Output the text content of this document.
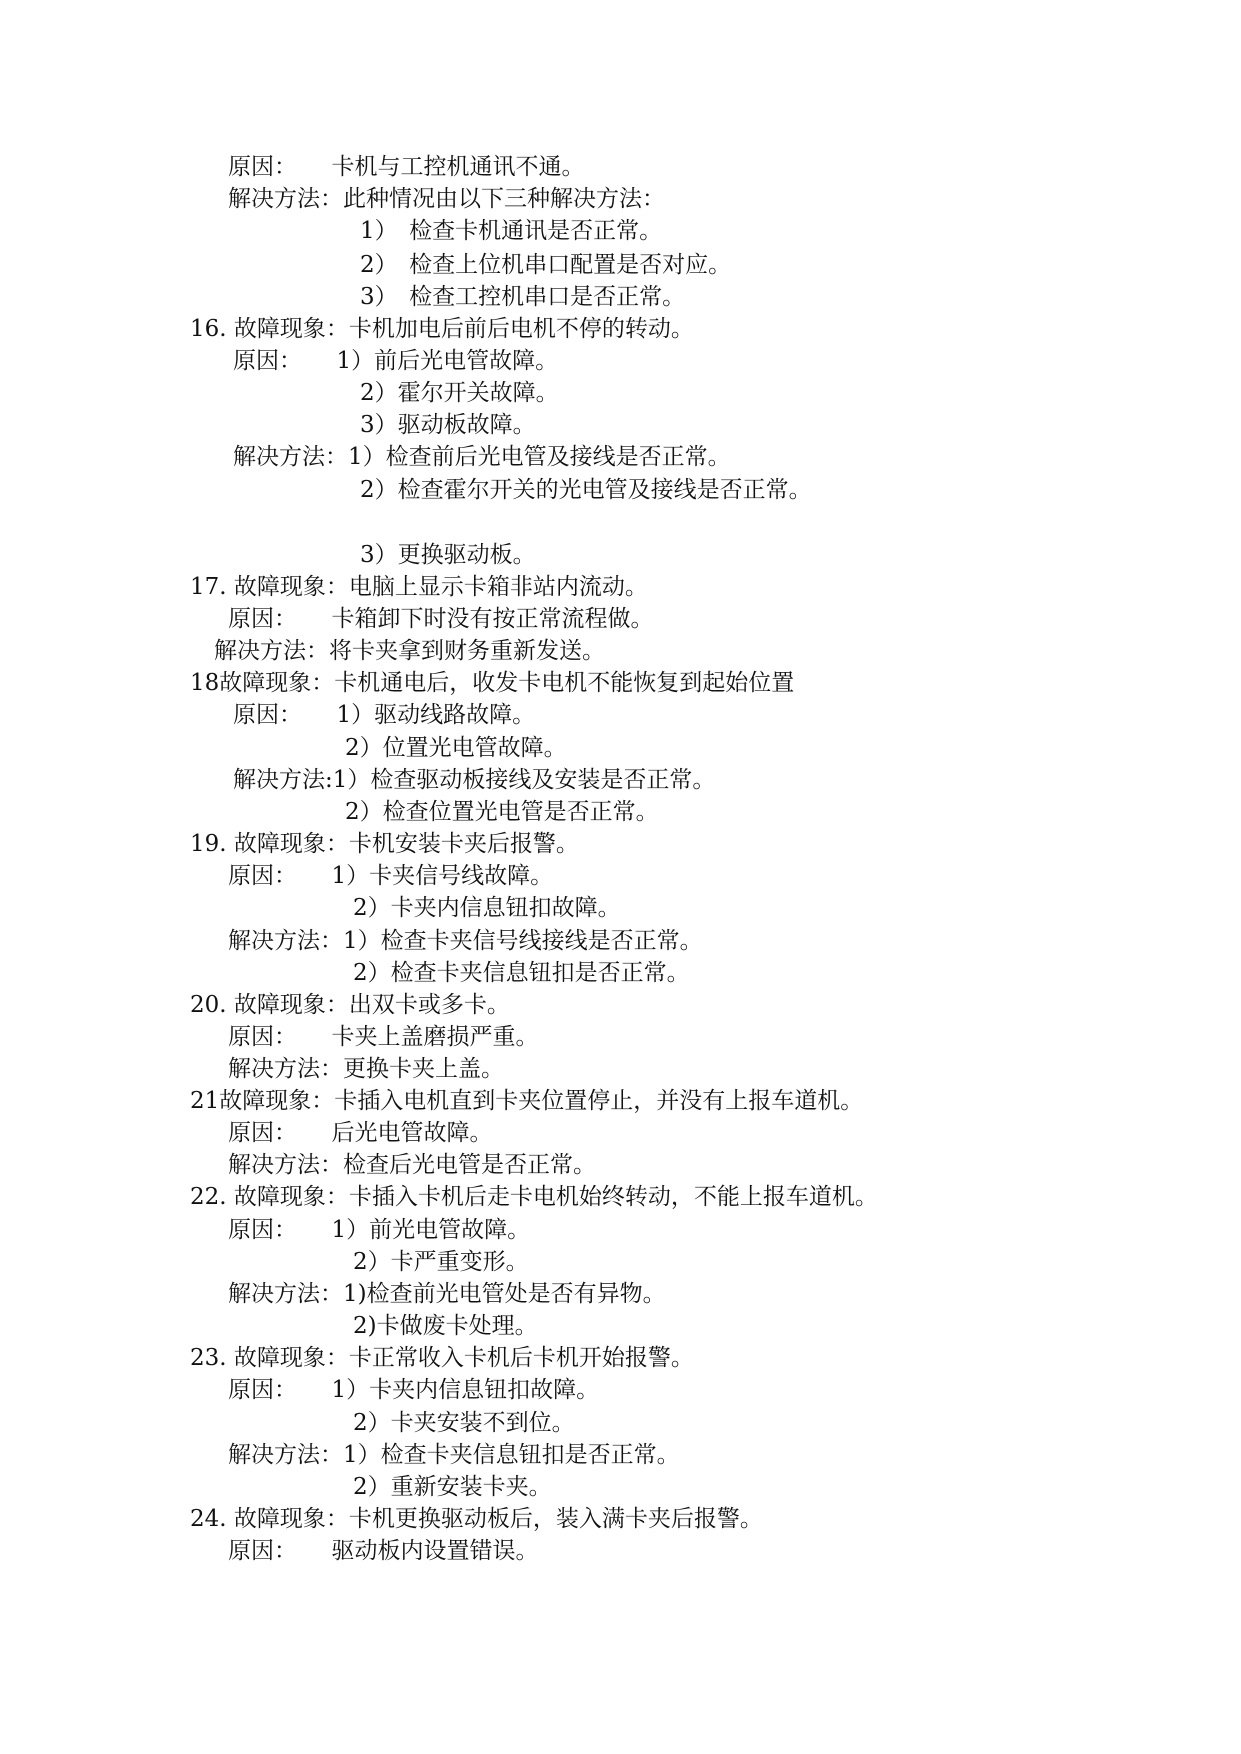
原因：　　卡机与工控机通讯不通。
解决方法：此种情况由以下三种解决方法：
1）　检查卡机通讯是否正常。
2）　检查上位机串口配置是否对应。
3）　检查工控机串口是否正常。
16. 故障现象：卡机加电后前后电机不停的转动。
原因：　　1）前后光电管故障。
2）霍尔开关故障。
3）驱动板故障。
解决方法：1）检查前后光电管及接线是否正常。
2）检查霍尔开关的光电管及接线是否正常。
3）更换驱动板。
17. 故障现象：电脑上显示卡箱非站内流动。
原因：　　卡箱卸下时没有按正常流程做。
解决方法：将卡夹拿到财务重新发送。
18故障现象：卡机通电后，收发卡电机不能恢复到起始位置
原因：　　1）驱动线路故障。
2）位置光电管故障。
解决方法:1）检查驱动板接线及安装是否正常。
2）检查位置光电管是否正常。
19. 故障现象：卡机安装卡夹后报警。
原因：　　1）卡夹信号线故障。
2）卡夹内信息钮扣故障。
解决方法：1）检查卡夹信号线接线是否正常。
2）检查卡夹信息钮扣是否正常。
20. 故障现象：出双卡或多卡。
原因：　　卡夹上盖磨损严重。
解决方法：更换卡夹上盖。
21故障现象：卡插入电机直到卡夹位置停止，并没有上报车道机。
原因：　　后光电管故障。
解决方法：检查后光电管是否正常。
22. 故障现象：卡插入卡机后走卡电机始终转动，不能上报车道机。
原因：　　1）前光电管故障。
2）卡严重变形。
解决方法：1)检查前光电管处是否有异物。
2)卡做废卡处理。
23. 故障现象：卡正常收入卡机后卡机开始报警。
原因：　　1）卡夹内信息钮扣故障。
2）卡夹安装不到位。
解决方法：1）检查卡夹信息钮扣是否正常。
2）重新安装卡夹。
24. 故障现象：卡机更换驱动板后，装入满卡夹后报警。
原因：　　驱动板内设置错误。
